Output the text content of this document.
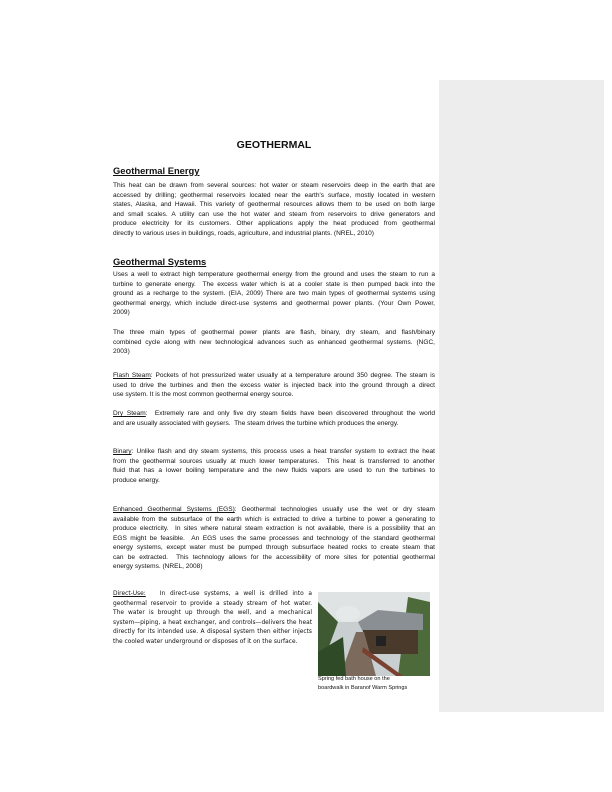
GEOTHERMAL
Geothermal Energy
This heat can be drawn from several sources: hot water or steam reservoirs deep in the earth that are
accessed by drilling; geothermal reservoirs located near the earth's surface, mostly located in western
states, Alaska, and Hawaii. This variety of geothermal resources allows them to be used on both large
and small scales. A utility can use the hot water and steam from reservoirs to drive generators and
produce electricity for its customers. Other applications apply the heat produced from geothermal
directly to various uses in buildings, roads, agriculture, and industrial plants. (NREL, 2010)
Geothermal Systems
Uses a well to extract high temperature geothermal energy from the ground and uses the steam to run a
turbine to generate energy.  The excess water which is at a cooler state is then pumped back into the
ground as a recharge to the system. (EIA, 2009) There are two main types of geothermal systems using
geothermal energy, which include direct-use systems and geothermal power plants. (Your Own Power,
2009)
The three main types of geothermal power plants are flash, binary, dry steam, and flash/binary
combined cycle along with new technological advances such as enhanced geothermal systems. (NGC,
2003)
Flash Steam: Pockets of hot pressurized water usually at a temperature around 350 degree. The steam is
used to drive the turbines and then the excess water is injected back into the ground through a direct
use system. It is the most common geothermal energy source.
Dry Steam:  Extremely rare and only five dry steam fields have been discovered throughout the world
and are usually associated with geysers.  The steam drives the turbine which produces the energy.
Binary: Unlike flash and dry steam systems, this process uses a heat transfer system to extract the heat
from the geothermal sources usually at much lower temperatures.  This heat is transferred to another
fluid that has a lower boiling temperature and the new fluids vapors are used to run the turbines to
produce energy.
Enhanced Geothermal Systems (EGS): Geothermal technologies usually use the wet or dry steam
available from the subsurface of the earth which is extracted to drive a turbine to power a generating to
produce electricity.  In sites where natural steam extraction is not available, there is a possibility that an
EGS might be feasible.  An EGS uses the same processes and technology of the standard geothermal
energy systems, except water must be pumped through subsurface heated rocks to create steam that
can be extracted.  This technology allows for the accessibility of more sites for potential geothermal
energy systems. (NREL, 2008)
Direct-Use:   In direct-use systems, a well is drilled into a
geothermal reservoir to provide a steady stream of hot water.
The water is brought up through the well, and a mechanical
system—piping, a heat exchanger, and controls—delivers the heat
directly for its intended use. A disposal system then either injects
the cooled water underground or disposes of it on the surface.
Spring fed bath house on the
boardwalk in Baranof Warm Springs
